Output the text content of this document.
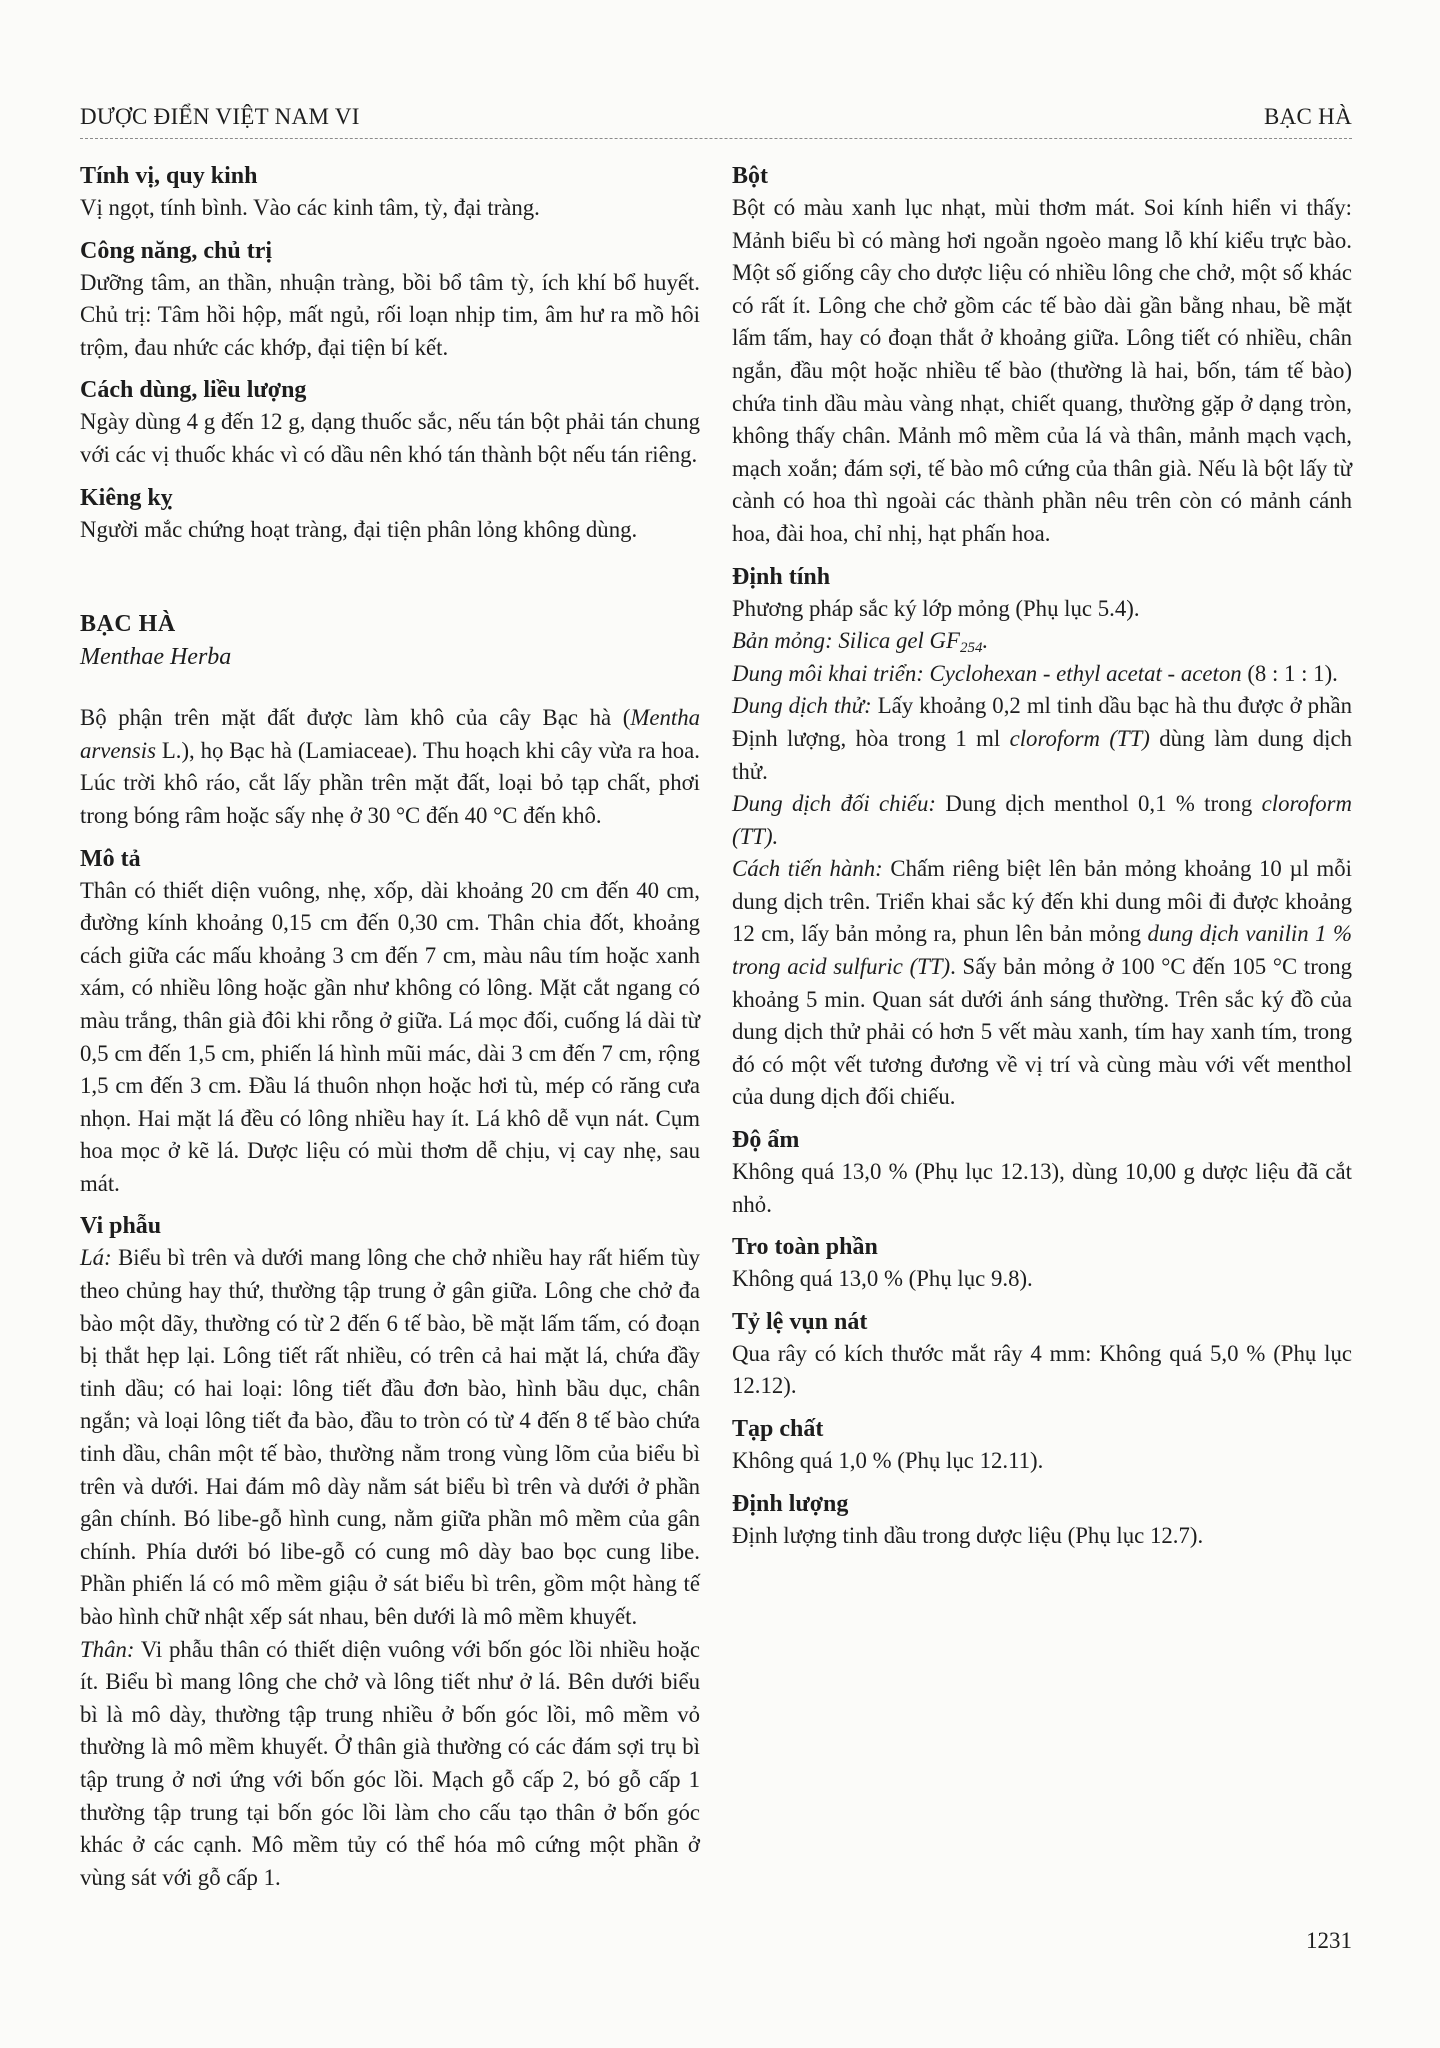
DƯỢC ĐIỂN VIỆT NAM VI	BẠC HÀ
Tính vị, quy kinh

Vị ngọt, tính bình. Vào các kinh tâm, tỳ, đại tràng.

Công năng, chủ trị

Dưỡng tâm, an thần, nhuận tràng, bồi bổ tâm tỳ, ích khí bổ huyết. Chủ trị: Tâm hồi hộp, mất ngủ, rối loạn nhịp tim, âm hư ra mồ hôi trộm, đau nhức các khớp, đại tiện bí kết.

Cách dùng, liều lượng

Ngày dùng 4 g đến 12 g, dạng thuốc sắc, nếu tán bột phải tán chung với các vị thuốc khác vì có dầu nên khó tán thành bột nếu tán riêng.

Kiêng kỵ

Người mắc chứng hoạt tràng, đại tiện phân lỏng không dùng.

BẠC HÀ
Menthae Herba

Bộ phận trên mặt đất được làm khô của cây Bạc hà (Mentha arvensis L.), họ Bạc hà (Lamiaceae). Thu hoạch khi cây vừa ra hoa. Lúc trời khô ráo, cắt lấy phần trên mặt đất, loại bỏ tạp chất, phơi trong bóng râm hoặc sấy nhẹ ở 30 °C đến 40 °C đến khô.

Mô tả

Thân có thiết diện vuông, nhẹ, xốp, dài khoảng 20 cm đến 40 cm, đường kính khoảng 0,15 cm đến 0,30 cm. Thân chia đốt, khoảng cách giữa các mấu khoảng 3 cm đến 7 cm, màu nâu tím hoặc xanh xám, có nhiều lông hoặc gần như không có lông. Mặt cắt ngang có màu trắng, thân già đôi khi rỗng ở giữa. Lá mọc đối, cuống lá dài từ 0,5 cm đến 1,5 cm, phiến lá hình mũi mác, dài 3 cm đến 7 cm, rộng 1,5 cm đến 3 cm. Đầu lá thuôn nhọn hoặc hơi tù, mép có răng cưa nhọn. Hai mặt lá đều có lông nhiều hay ít. Lá khô dễ vụn nát. Cụm hoa mọc ở kẽ lá. Dược liệu có mùi thơm dễ chịu, vị cay nhẹ, sau mát.

Vi phẫu

Lá: Biểu bì trên và dưới mang lông che chở nhiều hay rất hiếm tùy theo chủng hay thứ, thường tập trung ở gân giữa. Lông che chở đa bào một dãy, thường có từ 2 đến 6 tế bào, bề mặt lấm tấm, có đoạn bị thắt hẹp lại. Lông tiết rất nhiều, có trên cả hai mặt lá, chứa đầy tinh dầu; có hai loại: lông tiết đầu đơn bào, hình bầu dục, chân ngắn; và loại lông tiết đa bào, đầu to tròn có từ 4 đến 8 tế bào chứa tinh dầu, chân một tế bào, thường nằm trong vùng lõm của biểu bì trên và dưới. Hai đám mô dày nằm sát biểu bì trên và dưới ở phần gân chính. Bó libe-gỗ hình cung, nằm giữa phần mô mềm của gân chính. Phía dưới bó libe-gỗ có cung mô dày bao bọc cung libe. Phần phiến lá có mô mềm giậu ở sát biểu bì trên, gồm một hàng tế bào hình chữ nhật xếp sát nhau, bên dưới là mô mềm khuyết.

Thân: Vi phẫu thân có thiết diện vuông với bốn góc lồi nhiều hoặc ít. Biểu bì mang lông che chở và lông tiết như ở lá. Bên dưới biểu bì là mô dày, thường tập trung nhiều ở bốn góc lồi, mô mềm vỏ thường là mô mềm khuyết. Ở thân già thường có các đám sợi trụ bì tập trung ở nơi ứng với bốn góc lồi. Mạch gỗ cấp 2, bó gỗ cấp 1 thường tập trung tại bốn góc lồi làm cho cấu tạo thân ở bốn góc khác ở các cạnh. Mô mềm tủy có thể hóa mô cứng một phần ở vùng sát với gỗ cấp 1.

Bột

Bột có màu xanh lục nhạt, mùi thơm mát. Soi kính hiển vi thấy: Mảnh biểu bì có màng hơi ngoằn ngoèo mang lỗ khí kiểu trực bào. Một số giống cây cho dược liệu có nhiều lông che chở, một số khác có rất ít. Lông che chở gồm các tế bào dài gần bằng nhau, bề mặt lấm tấm, hay có đoạn thắt ở khoảng giữa. Lông tiết có nhiều, chân ngắn, đầu một hoặc nhiều tế bào (thường là hai, bốn, tám tế bào) chứa tinh dầu màu vàng nhạt, chiết quang, thường gặp ở dạng tròn, không thấy chân. Mảnh mô mềm của lá và thân, mảnh mạch vạch, mạch xoắn; đám sợi, tế bào mô cứng của thân già. Nếu là bột lấy từ cành có hoa thì ngoài các thành phần nêu trên còn có mảnh cánh hoa, đài hoa, chỉ nhị, hạt phấn hoa.

Định tính

Phương pháp sắc ký lớp mỏng (Phụ lục 5.4).

Bản mỏng: Silica gel $GF_{254}$.

Dung môi khai triển: Cyclohexan - ethyl acetat - aceton (8 : 1 : 1).

Dung dịch thử: Lấy khoảng 0,2 ml tinh dầu bạc hà thu được ở phần Định lượng, hòa trong 1 ml cloroform (TT) dùng làm dung dịch thử.

Dung dịch đối chiếu: Dung dịch menthol 0,1 % trong cloroform (TT).

Cách tiến hành: Chấm riêng biệt lên bản mỏng khoảng 10 µl mỗi dung dịch trên. Triển khai sắc ký đến khi dung môi đi được khoảng 12 cm, lấy bản mỏng ra, phun lên bản mỏng dung dịch vanilin 1 % trong acid sulfuric (TT). Sấy bản mỏng ở 100 °C đến 105 °C trong khoảng 5 min. Quan sát dưới ánh sáng thường. Trên sắc ký đồ của dung dịch thử phải có hơn 5 vết màu xanh, tím hay xanh tím, trong đó có một vết tương đương về vị trí và cùng màu với vết menthol của dung dịch đối chiếu.

Độ ẩm

Không quá 13,0 % (Phụ lục 12.13), dùng 10,00 g dược liệu đã cắt nhỏ.

Tro toàn phần

Không quá 13,0 % (Phụ lục 9.8).

Tỷ lệ vụn nát

Qua rây có kích thước mắt rây 4 mm: Không quá 5,0 % (Phụ lục 12.12).

Tạp chất

Không quá 1,0 % (Phụ lục 12.11).

Định lượng

Định lượng tinh dầu trong dược liệu (Phụ lục 12.7).

1231
